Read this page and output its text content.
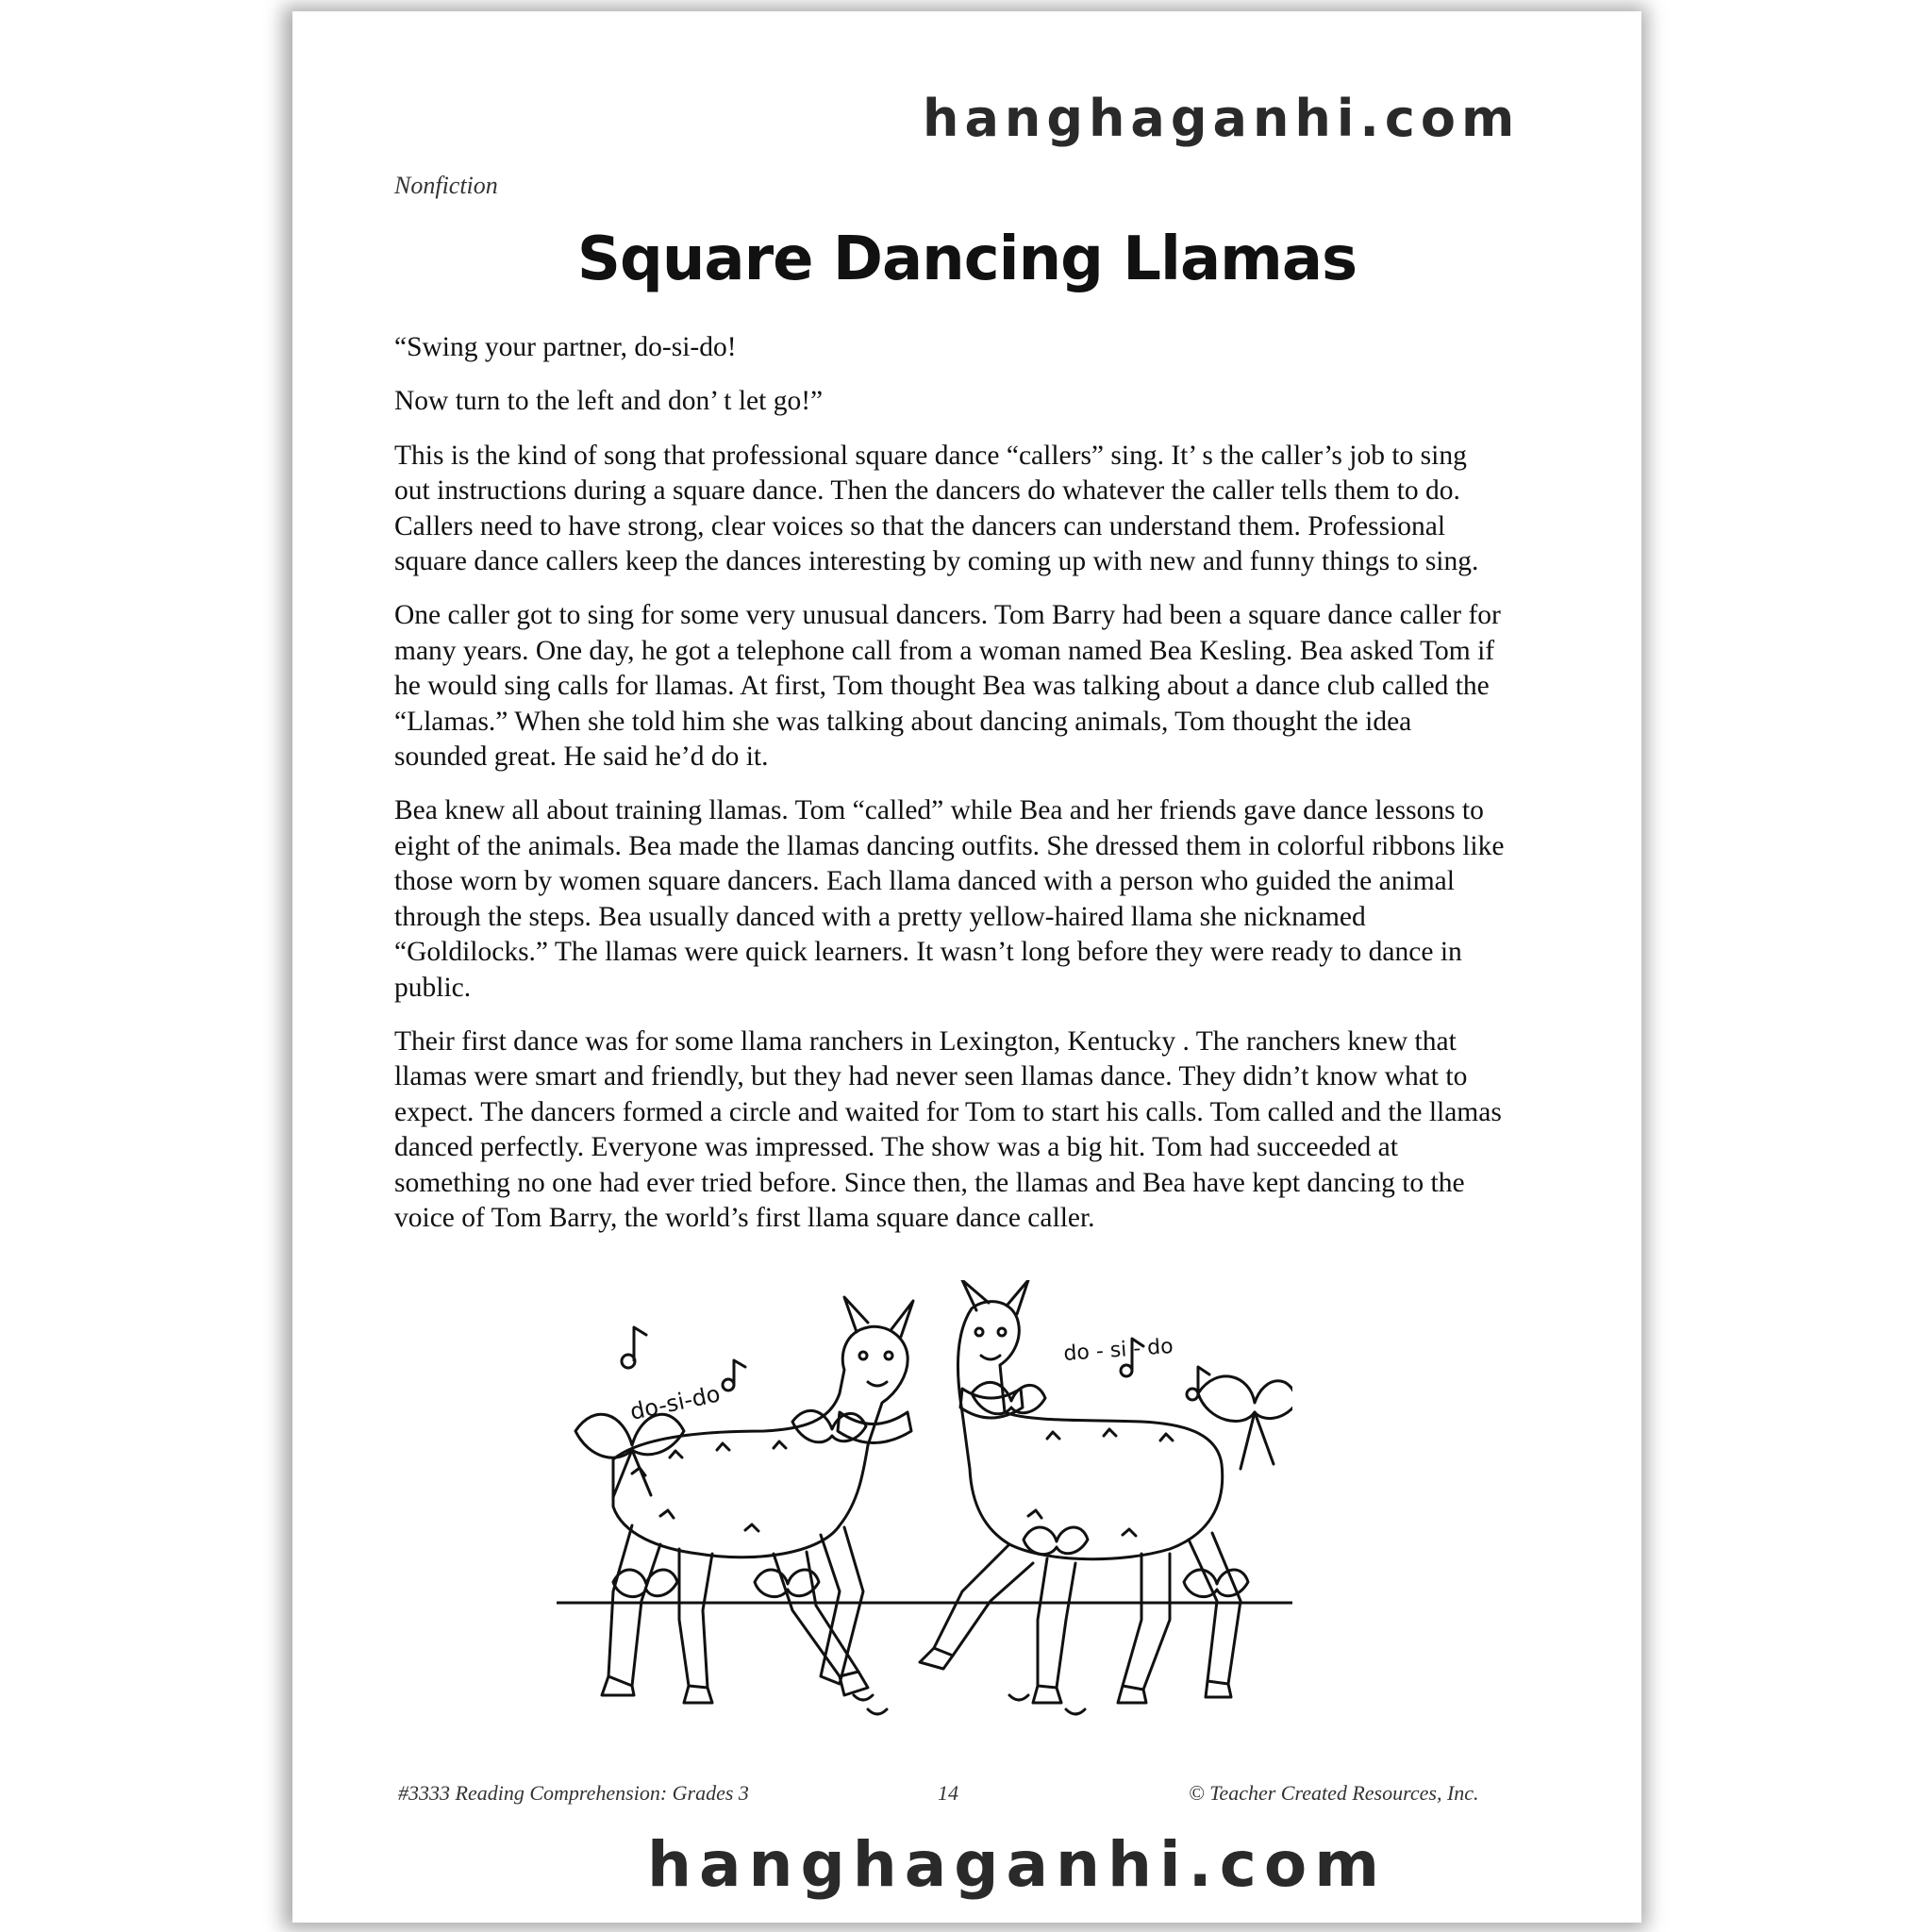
hanghaganhi.com
Nonfiction
Square Dancing Llamas

“Swing your partner, do-si-do!

Now turn to the left and don’ t let go!”

This is the kind of song that professional square dance “callers” sing. It’ s the caller’s job to sing out instructions during a square dance. Then the dancers do whatever the caller tells them to do. Callers need to have strong, clear voices so that the dancers can understand them. Professional square dance callers keep the dances interesting by coming up with new and funny things to sing.

One caller got to sing for some very unusual dancers. Tom Barry had been a square dance caller for many years. One day, he got a telephone call from a woman named Bea Kesling. Bea asked Tom if he would sing calls for llamas. At first, Tom thought Bea was talking about a dance club called the “Llamas.” When she told him she was talking about dancing animals, Tom thought the idea sounded great. He said he’d do it.

Bea knew all about training llamas. Tom “called” while Bea and her friends gave dance lessons to eight of the animals. Bea made the llamas dancing outfits. She dressed them in colorful ribbons like those worn by women square dancers. Each llama danced with a person who guided the animal through the steps. Bea usually danced with a pretty yellow-haired llama she nicknamed “Goldilocks.” The llamas were quick learners. It wasn’t long before they were ready to dance in public.

Their first dance was for some llama ranchers in Lexington, Kentucky . The ranchers knew that llamas were smart and friendly, but they had never seen llamas dance. They didn’t know what to expect. The dancers formed a circle and waited for Tom to start his calls. Tom called and the llamas danced perfectly. Everyone was impressed. The show was a big hit. Tom had succeeded at something no one had ever tried before. Since then, the llamas and Bea have kept dancing to the voice of Tom Barry, the world’s first llama square dance caller.

do-si-do
do - si - do
#3333 Reading Comprehension: Grades 3	14	© Teacher Created Resources, Inc.
hanghaganhi.com
